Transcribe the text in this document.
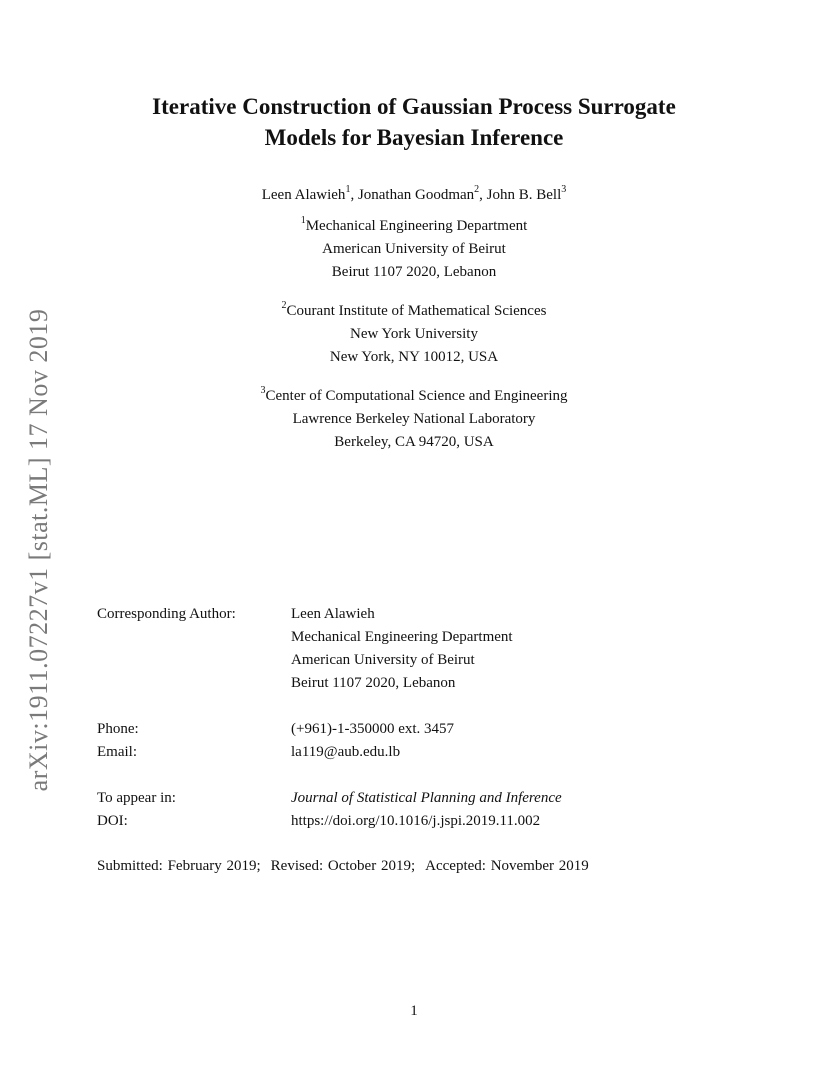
arXiv:1911.07227v1 [stat.ML] 17 Nov 2019
Iterative Construction of Gaussian Process Surrogate
Models for Bayesian Inference
Leen Alawieh$^1$, Jonathan Goodman$^2$, John B. Bell$^3$
$^1$Mechanical Engineering Department
American University of Beirut
Beirut 1107 2020, Lebanon
$^2$Courant Institute of Mathematical Sciences
New York University
New York, NY 10012, USA
$^3$Center of Computational Science and Engineering
Lawrence Berkeley National Laboratory
Berkeley, CA 94720, USA
Corresponding Author:	Leen Alawieh
Mechanical Engineering Department
American University of Beirut
Beirut 1107 2020, Lebanon
Phone:	(+961)-1-350000 ext. 3457
Email:	la119@aub.edu.lb
To appear in:	Journal of Statistical Planning and Inference
DOI:	https://doi.org/10.1016/j.jspi.2019.11.002
Submitted: February 2019; Revised: October 2019; Accepted: November 2019
1
